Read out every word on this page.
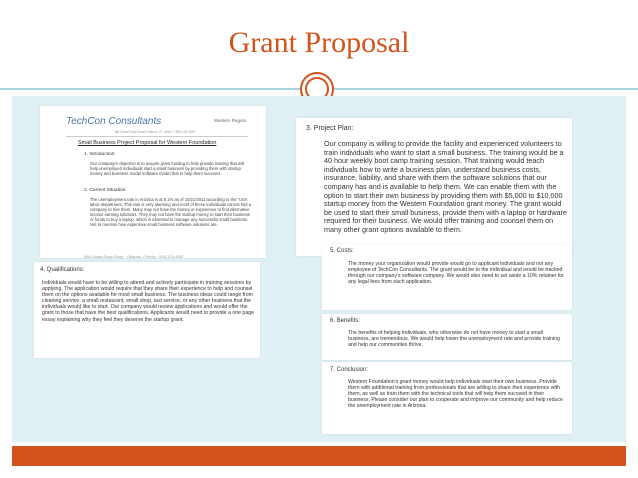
Grant Proposal
TechCon Consultants	Western Region
456 Santa Rosa Road Orlando, FL 34567 • 555-123-4567
Small Business Project Proposal for Western Foundation
1. Introduction:
Our company's objective is to acquire grant funding to help provide training that will help unemployed individuals start a small business by providing them with startup money and business model software model that to help them succeed.
2. Current Situation:
The unemployment rate in Arizona is at 9.1% as of 10/21/2011 according to the "USA labor department. This rate is very alarming and most of these individuals cannot find a company to hire them. Many may not have the money or experience to find alternative income earning solutions. They may not have the startup money to start their business or funds to buy a laptop, which is essential to manage any successful small business. Not to mention how expensive small business software solutions are.
456 Santa Rosa Road · Orlando, Florida · 555-123-4567
3. Project Plan:
Our company is willing to provide the facility and experienced volunteers to train individuals who want to start a small business. The training would be a 40 hour weekly boot camp training session. That training would teach individuals how to write a business plan, understand business costs, insurance, liability, and share with them the software solutions that our company has and is available to help them. We can enable them with the option to start their own business by providing them with $5,000 to $10,000 startup money from the Western Foundation grant money. The grant would be used to start their small business, provide them with a laptop or hardware required for their business. We would offer training and counsel them on many other grant options available to them.
4. Qualifications:
Individuals would have to be willing to attend and actively participate in training sessions by applying. The application would require that they share their experience to help and counsel them on the options available for most small business. The business ideas could range from cleaning service, a small restaurant, small shop, taxi service, or any other business that the individuals would like to start. Our company would review applications and would offer the grant to those that have the best qualifications. Applicants would need to provide a one page essay explaining why they feel they deserve the startup grant.
5. Costs:
The money your organization would provide would go to applicant individuals and not any employee of TechCon Consultants. The grant would be to the individual and would be tracked through our company's software company. We would also need to set aside a 10% retainer for any legal fees from each application.
6. Benefits:
The benefits of helping individuals, who otherwise do not have money to start a small business, are tremendous. We would help lower the unemployment rate and provide training and help our communities thrive.
7. Conclusion:
Western Foundation's grant money would help individuals start their own business. Provide them with additional training from professionals that are willing to share their experience with them, as well as train them with the technical tools that will help them succeed in their business. Please consider our plan to cooperate and improve our community and help reduce the unemployment rate in Arizona.
